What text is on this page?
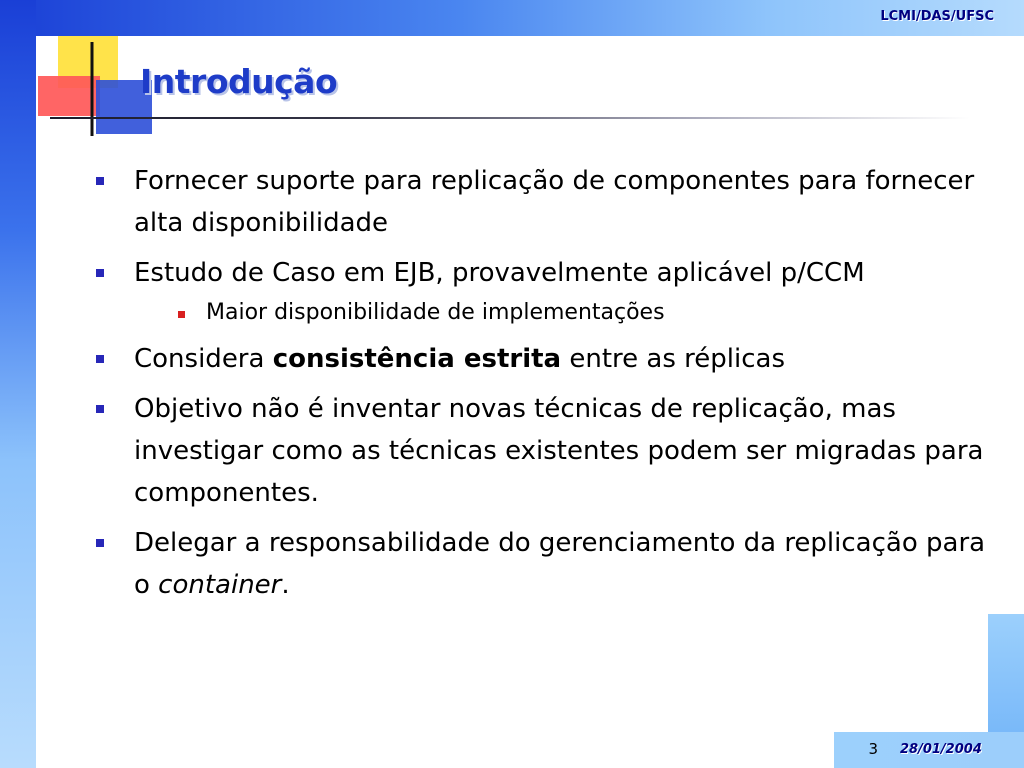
LCMI/DAS/UFSC
Introdução
Fornecer suporte para replicação de componentes para fornecer alta disponibilidade
Estudo de Caso em EJB, provavelmente aplicável p/CCM
Maior disponibilidade de implementações
Considera consistência estrita entre as réplicas
Objetivo não é inventar novas técnicas de replicação, mas investigar como as técnicas existentes podem ser migradas para componentes.
Delegar a responsabilidade do gerenciamento da replicação para o container.
3 28/01/2004
